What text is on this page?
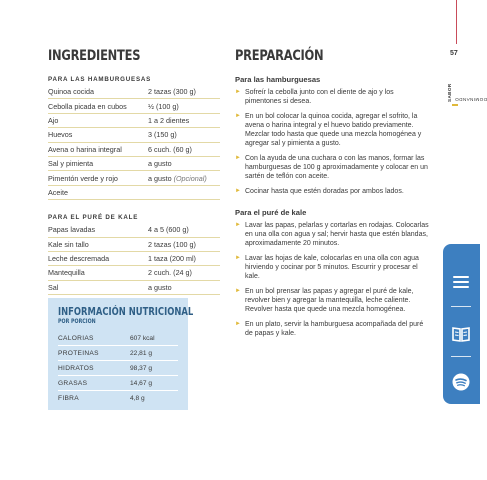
INGREDIENTES
PARA LAS HAMBURGUESAS
Quinoa cocida	2 tazas (300 g)
Cebolla picada en cubos	½ (100 g)
Ajo	1 a 2 dientes
Huevos	3 (150 g)
Avena o harina integral	6 cuch. (60 g)
Sal y pimienta	a gusto
Pimentón verde y rojo	a gusto (Opcional)
Aceite
PARA EL PURÉ DE KALE
Papas lavadas	4 a 5 (600 g)
Kale sin tallo	2 tazas (100 g)
Leche descremada	1 taza (200 ml)
Mantequilla	2 cuch. (24 g)
Sal	a gusto
INFORMACIÓN NUTRICIONAL
POR PORCIÓN
CALORIAS	607 kcal
PROTEINAS	22,81 g
HIDRATOS	98,37 g
GRASAS	14,67 g
FIBRA	4,8 g
PREPARACIÓN
Para las hamburguesas
► Sofreír la cebolla junto con el diente de ajo y los pimentones si desea.
► En un bol colocar la quinoa cocida, agregar el sofrito, la avena o harina integral y el huevo batido previamente. Mezclar todo hasta que quede una mezcla homogénea y agregar sal y pimienta a gusto.
► Con la ayuda de una cuchara o con las manos, formar las hamburguesas de 100 g aproximadamente y colocar en un sartén de teflón con aceite.
► Cocinar hasta que estén doradas por ambos lados.
Para el puré de kale
► Lavar las papas, pelarlas y cortarlas en rodajas. Colocarlas en una olla con agua y sal; hervir hasta que estén blandas, aproximadamente 20 minutos.
► Lavar las hojas de kale, colocarlas en una olla con agua hirviendo y cocinar por 5 minutos. Escurrir y procesar el kale.
► En un bol prensar las papas y agregar el puré de kale, revolver bien y agregar la mantequilla, leche caliente. Revolver hasta que quede una mezcla homogénea.
► En un plato, servir la hamburguesa acompañada del puré de papas y kale.
57
DOMINANDO
SABOR
